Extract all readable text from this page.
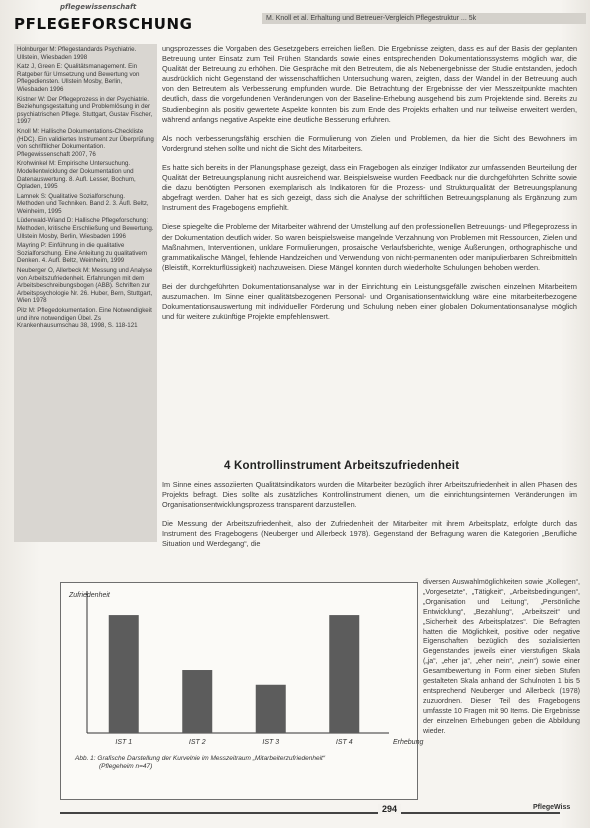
pflegewissenschaft
PFLEGEFORSCHUNG	M. Knoll et al. Erhaltung und Betreuer-Vergleich Pflegestruktur ... 5k

Holnburger M: Pflegestandards Psychiatrie. Ullstein, Wiesbaden 1998

Katz J, Green E: Qualitätsmanagement. Ein Ratgeber für Umsetzung und Bewertung von Pflegediensten. Ullstein Mosby, Berlin, Wiesbaden 1996

Kistner W: Der Pflegeprozess in der Psychiatrie. Beziehungsgestaltung und Problemlösung in der psychiatrischen Pflege. Stuttgart, Gustav Fischer, 1997

Knoll M: Hallische Dokumentations-Checkliste (HDC). Ein validiertes Instrument zur Überprüfung von schriftlicher Dokumentation. Pflegewissenschaft 2007, 76

Krohwinkel M: Empirische Untersuchung. Modellentwicklung der Dokumentation und Datenauswertung. 8. Aufl. Lesser, Bochum, Opladen, 1995

Lamnek S: Qualitative Sozialforschung. Methoden und Techniken. Band 2. 3. Aufl. Beltz, Weinheim, 1995

Lüderwald-Wiand D: Hallische Pflegeforschung: Methoden, kritische Erschließung und Bewertung. Ullstein Mosby, Berlin, Wiesbaden 1996

Mayring P: Einführung in die qualitative Sozialforschung. Eine Anleitung zu qualitativem Denken. 4. Aufl. Beltz, Weinheim, 1999

Neuberger O, Allerbeck M: Messung und Analyse von Arbeitszufriedenheit. Erfahrungen mit dem Arbeitsbeschreibungsbogen (ABB). Schriften zur Arbeitspsychologie Nr. 26. Huber, Bern, Stuttgart, Wien 1978

Pilz M: Pflegedokumentation. Eine Notwendigkeit und ihre notwendigen Übel. Zs Krankenhausumschau 38, 1998, S. 118-121

ungsprozesses die Vorgaben des Gesetzgebers erreichen ließen. Die Ergebnisse zeigten, dass es auf der Basis der geplanten Betreuung unter Einsatz zum Teil Frühen Standards sowie eines entsprechenden Dokumentationssystems möglich war, die Qualität der Betreuung zu erhöhen. Die Gespräche mit den Betreutem, die als Nebenergebnisse der Studie entstanden, jedoch ausdrücklich nicht Gegenstand der wissenschaftlichen Untersuchung waren, zeigten, dass der Wandel in der Betreuung auch von den Betreutem als Verbesserung empfunden wurde. Die Betrachtung der Ergebnisse der vier Messzeitpunkte machten deutlich, dass die vorgefundenen Veränderungen von der Baseline-Erhebung ausgehend bis zum Projektende sind. Bereits zu Studienbeginn als positiv gewertete Aspekte konnten bis zum Ende des Projekts erhalten und nur teilweise erweitert werden, während anfangs negative Aspekte eine deutliche Besserung erfuhren.

Als noch verbesserungsfähig erschien die Formulierung von Zielen und Problemen, da hier die Sicht des Bewohners im Vordergrund stehen sollte und nicht die Sicht des Mitarbeiters.

Es hatte sich bereits in der Planungsphase gezeigt, dass ein Fragebogen als einziger Indikator zur umfassenden Beurteilung der Qualität der Betreuungsplanung nicht ausreichend war. Beispielsweise wurden Feedback nur die durchgeführten Schritte sowie die dazu benötigten Personen exemplarisch als Indikatoren für die Prozess- und Strukturqualität der Betreuungsplanung abgefragt werden. Daher hat es sich gezeigt, dass sich die Analyse der schriftlichen Betreuungsplanung als Ergänzung zum Instrument des Fragebogens empfiehlt.

Diese spiegelte die Probleme der Mitarbeiter während der Umstellung auf den professionellen Betreuungs- und Pflegeprozess in der Dokumentation deutlich wider. So waren beispielsweise mangelnde Verzahnung von Problemen mit Ressourcen, Zielen und Maßnahmen, Interventionen, unklare Formulierungen, prosaische Verlaufsberichte, wenige Äußerungen, orthographische und grammatikalische Mängel, fehlende Handzeichen und Verwendung von nicht-permanenten oder manipulierbaren Schreibmitteln (Bleistift, Korrekturflüssigkeit) nachzuweisen. Diese Mängel konnten durch wiederholte Schulungen behoben werden.

Bei der durchgeführten Dokumentationsanalyse war in der Einrichtung ein Leistungsgefälle zwischen einzelnen Mitarbeitern auszumachen. Im Sinne einer qualitätsbezogenen Personal- und Organisationsentwicklung wäre eine mitarbeiterbezogene Dokumentationsauswertung mit individueller Förderung und Schulung neben einer globalen Dokumentationsanalyse möglich und für weitere zukünftige Projekte empfehlenswert.

4 Kontrollinstrument Arbeitszufriedenheit

Im Sinne eines assoziierten Qualitätsindikators wurden die Mitarbeiter bezüglich ihrer Arbeitszufriedenheit in allen Phasen des Projekts befragt. Dies sollte als zusätzliches Kontrollinstrument dienen, um die einrichtungsinternen Veränderungen im Organisationsentwicklungsprozess transparent darzustellen.

Die Messung der Arbeitszufriedenheit, also der Zufriedenheit der Mitarbeiter mit ihrem Arbeitsplatz, erfolgte durch das Instrument des Fragebogens (Neuberger und Allerbeck 1978). Gegenstand der Befragung waren die Kategorien „Berufliche Situation und Werdegang“, die

diversen Auswahlmöglichkeiten sowie „Kollegen“, „Vorgesetzte“, „Tätigkeit“, „Arbeitsbedingungen“, „Organisation und Leitung“, „Persönliche Entwicklung“, „Bezahlung“, „Arbeitszeit“ und „Sicherheit des Arbeitsplatzes“. Die Befragten hatten die Möglichkeit, positive oder negative Eigenschaften bezüglich des sozialisierten Gegenstandes jeweils einer vierstufigen Skala („ja“, „eher ja“, „eher nein“, „nein“) sowie einer Gesamtbewertung in Form einer sieben Stufen gestalteten Skala anhand der Schulnoten 1 bis 5 entsprechend Neuberger und Allerbeck (1978) zuzuordnen. Dieser Teil des Fragebogens umfasste 10 Fragen mit 90 Items. Die Ergebnisse der einzelnen Erhebungen geben die Abbildung wieder.

Zufriedenheit
Erhebung
IST 1	IST 2	IST 3	IST 4
Abb. 1: Grafische Darstellung der Kurvelnie im Messzeitraum „Mitarbeiterzufriedenheit“
(Pflegeheim n=47)
294	PflegeWiss
